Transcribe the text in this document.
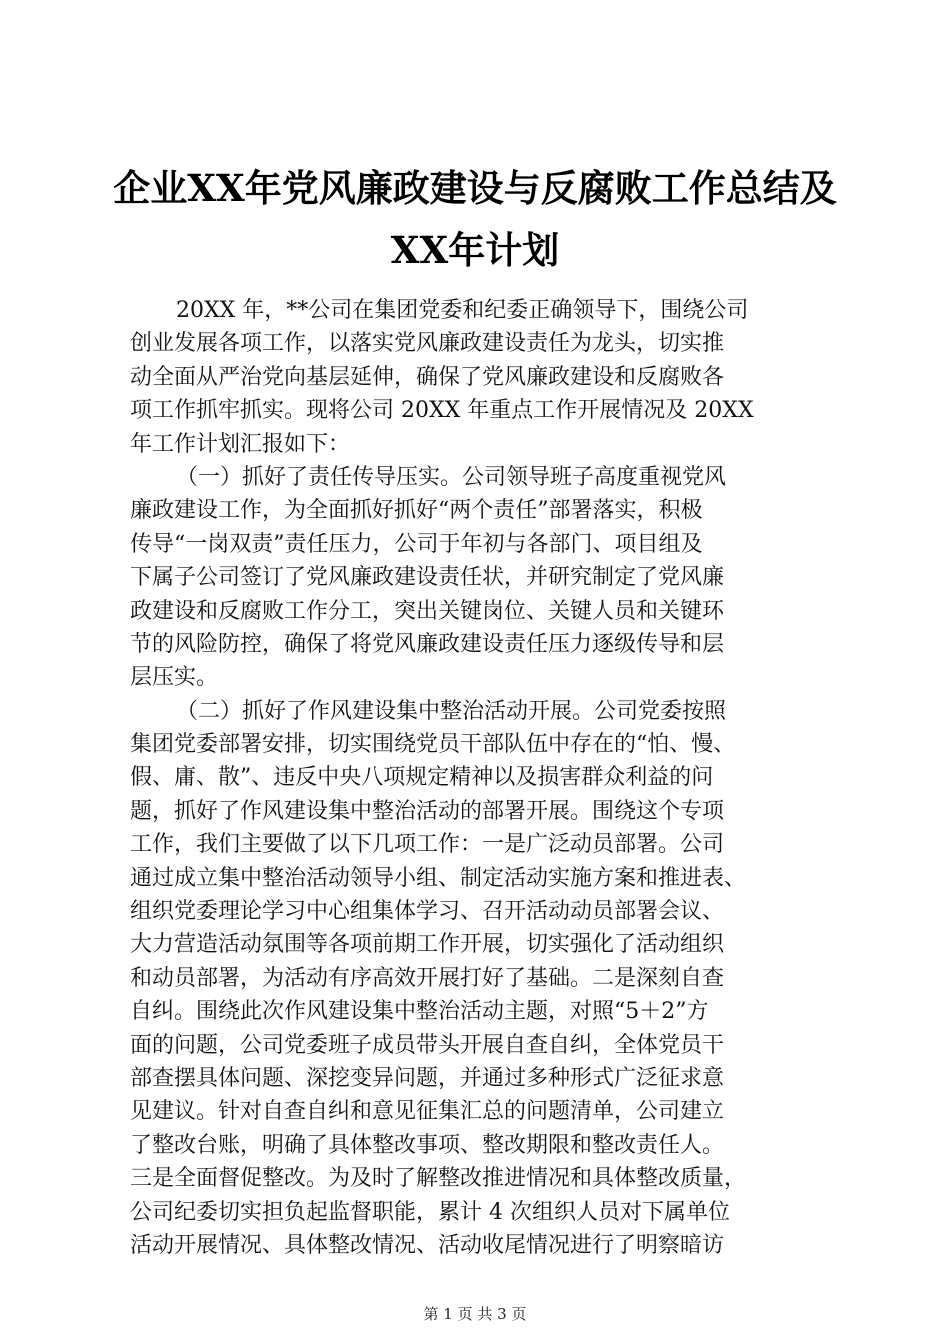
企业XX年党风廉政建设与反腐败工作总结及
XX年计划
20XX 年，**公司在集团党委和纪委正确领导下，围绕公司
创业发展各项工作，以落实党风廉政建设责任为龙头，切实推
动全面从严治党向基层延伸，确保了党风廉政建设和反腐败各
项工作抓牢抓实。现将公司 20XX 年重点工作开展情况及 20XX
年工作计划汇报如下：
（一）抓好了责任传导压实。公司领导班子高度重视党风
廉政建设工作，为全面抓好抓好“两个责任”部署落实，积极
传导“一岗双责”责任压力，公司于年初与各部门、项目组及
下属子公司签订了党风廉政建设责任状，并研究制定了党风廉
政建设和反腐败工作分工，突出关键岗位、关键人员和关键环
节的风险防控，确保了将党风廉政建设责任压力逐级传导和层
层压实。
（二）抓好了作风建设集中整治活动开展。公司党委按照
集团党委部署安排，切实围绕党员干部队伍中存在的“怕、慢、
假、庸、散”、违反中央八项规定精神以及损害群众利益的问
题，抓好了作风建设集中整治活动的部署开展。围绕这个专项
工作，我们主要做了以下几项工作：一是广泛动员部署。公司
通过成立集中整治活动领导小组、制定活动实施方案和推进表、
组织党委理论学习中心组集体学习、召开活动动员部署会议、
大力营造活动氛围等各项前期工作开展，切实强化了活动组织
和动员部署，为活动有序高效开展打好了基础。二是深刻自查
自纠。围绕此次作风建设集中整治活动主题，对照“5＋2”方
面的问题，公司党委班子成员带头开展自查自纠，全体党员干
部查摆具体问题、深挖变异问题，并通过多种形式广泛征求意
见建议。针对自查自纠和意见征集汇总的问题清单，公司建立
了整改台账，明确了具体整改事项、整改期限和整改责任人。
三是全面督促整改。为及时了解整改推进情况和具体整改质量，
公司纪委切实担负起监督职能，累计 4 次组织人员对下属单位
活动开展情况、具体整改情况、活动收尾情况进行了明察暗访
第 1 页 共 3 页
